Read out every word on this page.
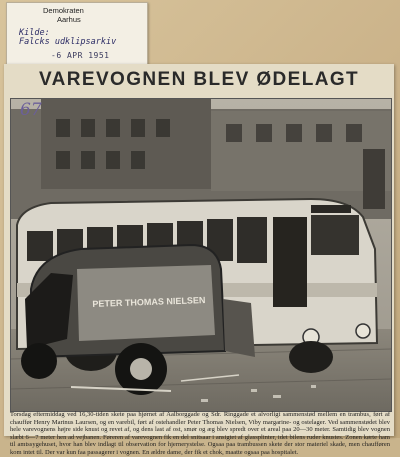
Demokraten
Aarhus
Kilde:
Falcks udklipsarkiv
-6 APR 1951
VAREVOGNEN BLEV ØDELAGT
67
PETER THOMAS NIELSEN
Torsdag eftermiddag ved 16,30-tiden skete paa hjørnet af Aalborggade og Sdr. Ringgade et alvorligt sammenstød mellem en trambus, ført af chauffør Henry Marinus Laursen, og en varebil, ført af ostehandler Peter Thomas Nielsen, Viby margarine- og ostelager. Ved sammenstødet blev hele varevognens højre side knust og revet af, og dens last af ost, smør og æg blev spredt over et areal paa 20—30 meter. Samtidig blev vognen slæbt 6—7 meter hen ad vejbanen. Føreren af varevognen fik en del snitsaar i ansigtet af glassplinter, idet bilens ruder knustes. Zonen kørte ham til amtssygehuset, hvor han blev indlagt til observation for hjernerystelse. Ogsaa paa trambussen skete der stor materiel skade, men chaufføren kom intet til. Der var kun faa passagerer i vognen. En ældre dame, der fik et chok, maatte ogsaa paa hospitalet.
